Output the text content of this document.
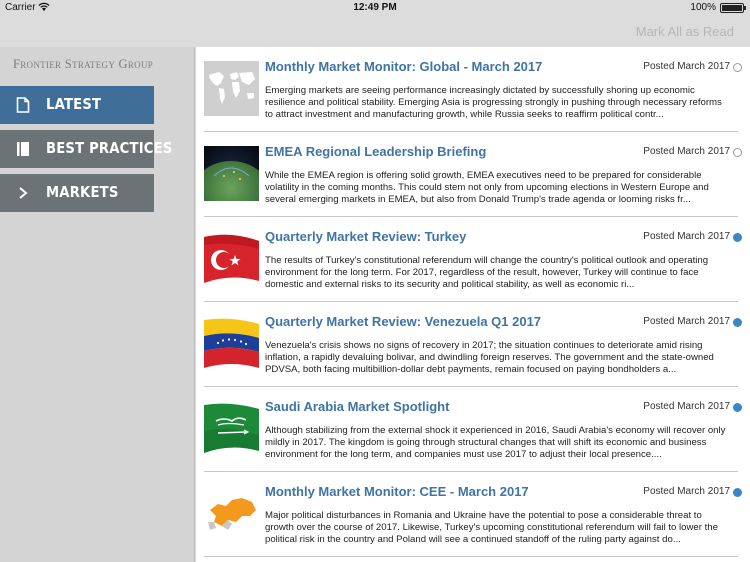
Carrier	12:49 PM	100%
Mark All as Read
Frontier Strategy Group
LATEST
BEST PRACTICES
MARKETS
Monthly Market Monitor: Global - March 2017	Posted March 2017
Emerging markets are seeing performance increasingly dictated by successfully shoring up economic resilience and political stability. Emerging Asia is progressing strongly in pushing through necessary reforms to attract investment and manufacturing growth, while Russia seeks to reaffirm political contr...
EMEA Regional Leadership Briefing	Posted March 2017
While the EMEA region is offering solid growth, EMEA executives need to be prepared for considerable volatility in the coming months. This could stem not only from upcoming elections in Western Europe and several emerging markets in EMEA, but also from Donald Trump's trade agenda or looming risks fr...
Quarterly Market Review: Turkey	Posted March 2017
The results of Turkey's constitutional referendum will change the country's political outlook and operating environment for the long term. For 2017, regardless of the result, however, Turkey will continue to face domestic and external risks to its security and political stability, as well as economic ri...
Quarterly Market Review: Venezuela Q1 2017	Posted March 2017
Venezuela's crisis shows no signs of recovery in 2017; the situation continues to deteriorate amid rising inflation, a rapidly devaluing bolivar, and dwindling foreign reserves. The government and the state-owned PDVSA, both facing multibillion-dollar debt payments, remain focused on paying bondholders a...
Saudi Arabia Market Spotlight	Posted March 2017
Although stabilizing from the external shock it experienced in 2016, Saudi Arabia's economy will recover only mildly in 2017. The kingdom is going through structural changes that will shift its economic and business environment for the long term, and companies must use 2017 to adjust their local presence....
Monthly Market Monitor: CEE - March 2017	Posted March 2017
Major political disturbances in Romania and Ukraine have the potential to pose a considerable threat to growth over the course of 2017. Likewise, Turkey's upcoming constitutional referendum will fail to lower the political risk in the country and Poland will see a continued standoff of the ruling party against do...
